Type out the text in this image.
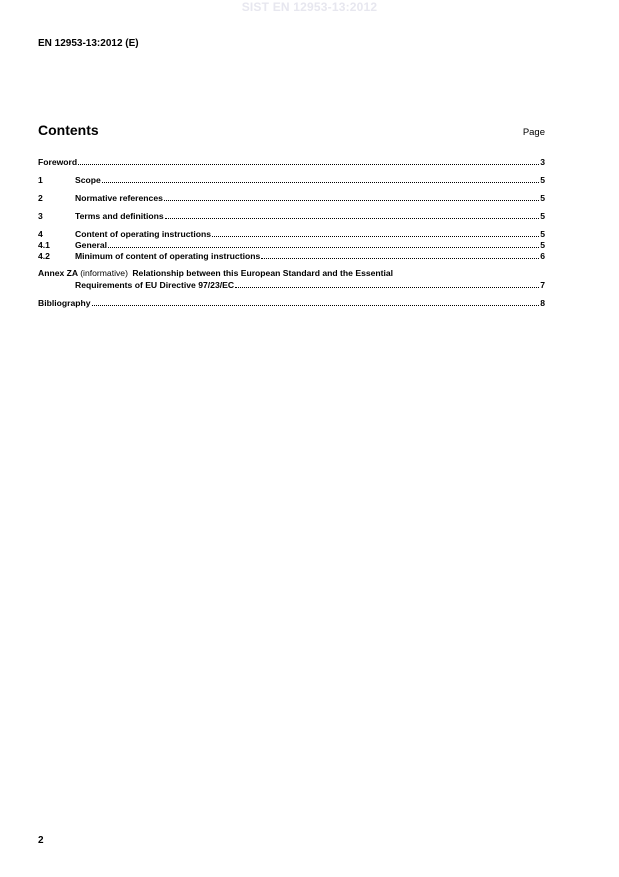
SIST EN 12953-13:2012
EN 12953-13:2012 (E)
Contents	Page
Foreword	3
1	Scope	5
2	Normative references	5
3	Terms and definitions	5
4	Content of operating instructions	5
4.1	General	5
4.2	Minimum of content of operating instructions	6
Annex ZA (informative) Relationship between this European Standard and the Essential
Requirements of EU Directive 97/23/EC	7
Bibliography	8
2
